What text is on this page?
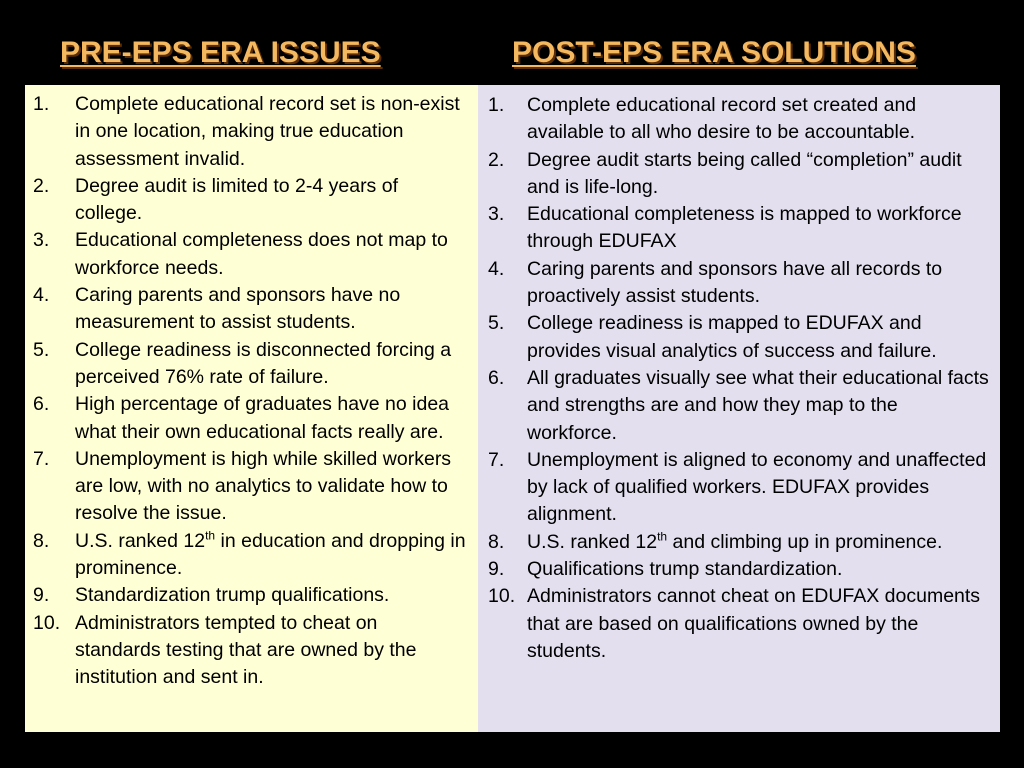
PRE-EPS ERA ISSUES	POST-EPS ERA SOLUTIONS
1. Complete educational record set is non-exist in one location, making true education assessment invalid.
2. Degree audit is limited to 2-4 years of college.
3. Educational completeness does not map to workforce needs.
4. Caring parents and sponsors have no measurement to assist students.
5. College readiness is disconnected forcing a perceived 76% rate of failure.
6. High percentage of graduates have no idea what their own educational facts really are.
7. Unemployment is high while skilled workers are low, with no analytics to validate how to resolve the issue.
8. U.S. ranked 12th in education and dropping in prominence.
9. Standardization trump qualifications.
10. Administrators tempted to cheat on standards testing that are owned by the institution and sent in.
1. Complete educational record set created and available to all who desire to be accountable.
2. Degree audit starts being called “completion” audit and is life-long.
3. Educational completeness is mapped to workforce through EDUFAX
4. Caring parents and sponsors have all records to proactively assist students.
5. College readiness is mapped to EDUFAX and provides visual analytics of success and failure.
6. All graduates visually see what their educational facts and strengths are and how they map to the workforce.
7. Unemployment is aligned to economy and unaffected by lack of qualified workers. EDUFAX provides alignment.
8. U.S. ranked 12th and climbing up in prominence.
9. Qualifications trump standardization.
10. Administrators cannot cheat on EDUFAX documents that are based on qualifications owned by the students.
